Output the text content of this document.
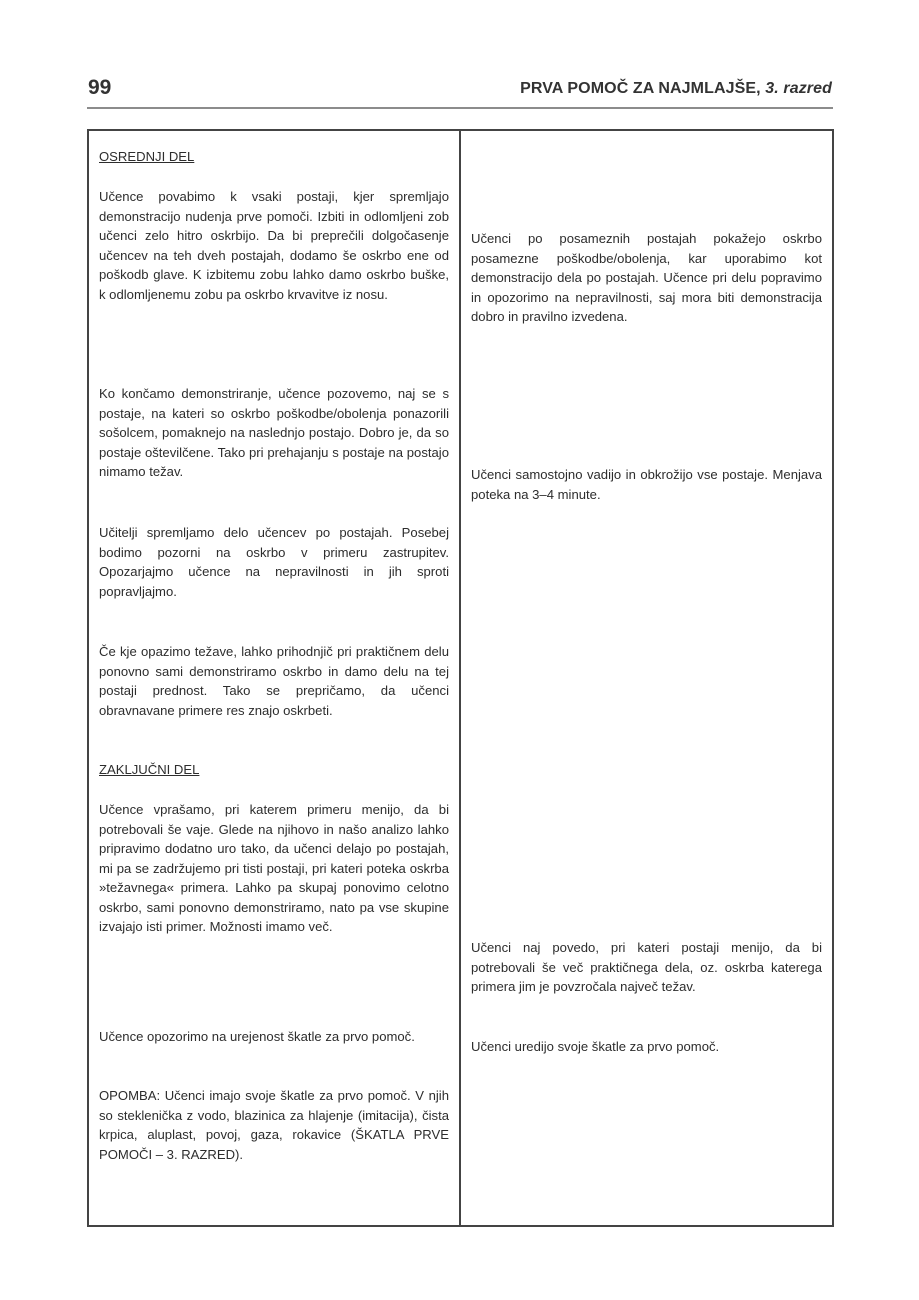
99	PRVA POMOČ ZA NAJMLAJŠE, 3. razred
OSREDNJI DEL
Učence povabimo k vsaki postaji, kjer spremljajo demonstracijo nudenja prve pomoči. Izbiti in odlomljeni zob učenci zelo hitro oskrbijo. Da bi preprečili dolgočasenje učencev na teh dveh postajah, dodamo še oskrbo ene od poškodb glave. K izbitemu zobu lahko damo oskrbo buške, k odlomljenemu zobu pa oskrbo krvavitve iz nosu.
Ko končamo demonstriranje, učence pozovemo, naj se s postaje, na kateri so oskrbo poškodbe/obolenja ponazorili sošolcem, pomaknejo na naslednjo postajo. Dobro je, da so postaje oštevilčene. Tako pri prehajanju s postaje na postajo nimamo težav.
Učitelji spremljamo delo učencev po postajah. Posebej bodimo pozorni na oskrbo v primeru zastrupitev. Opozarjajmo učence na nepravilnosti in jih sproti popravljajmo.
Če kje opazimo težave, lahko prihodnjič pri praktičnem delu ponovno sami demonstriramo oskrbo in damo delu na tej postaji prednost. Tako se prepričamo, da učenci obravnavane primere res znajo oskrbeti.
ZAKLJUČNI DEL
Učence vprašamo, pri katerem primeru menijo, da bi potrebovali še vaje. Glede na njihovo in našo analizo lahko pripravimo dodatno uro tako, da učenci delajo po postajah, mi pa se zadržujemo pri tisti postaji, pri kateri poteka oskrba »težavnega« primera. Lahko pa skupaj ponovimo celotno oskrbo, sami ponovno demonstriramo, nato pa vse skupine izvajajo isti primer. Možnosti imamo več.
Učence opozorimo na urejenost škatle za prvo pomoč.
OPOMBA: Učenci imajo svoje škatle za prvo pomoč. V njih so steklenička z vodo, blazinica za hlajenje (imitacija), čista krpica, aluplast, povoj, gaza, rokavice (ŠKATLA PRVE POMOČI – 3. RAZRED).
Učenci po posameznih postajah pokažejo oskrbo posamezne poškodbe/obolenja, kar uporabimo kot demonstracijo dela po postajah. Učence pri delu popravimo in opozorimo na nepravilnosti, saj mora biti demonstracija dobro in pravilno izvedena.
Učenci samostojno vadijo in obkrožijo vse postaje. Menjava poteka na 3–4 minute.
Učenci naj povedo, pri kateri postaji menijo, da bi potrebovali še več praktičnega dela, oz. oskrba katerega primera jim je povzročala največ težav.
Učenci uredijo svoje škatle za prvo pomoč.
